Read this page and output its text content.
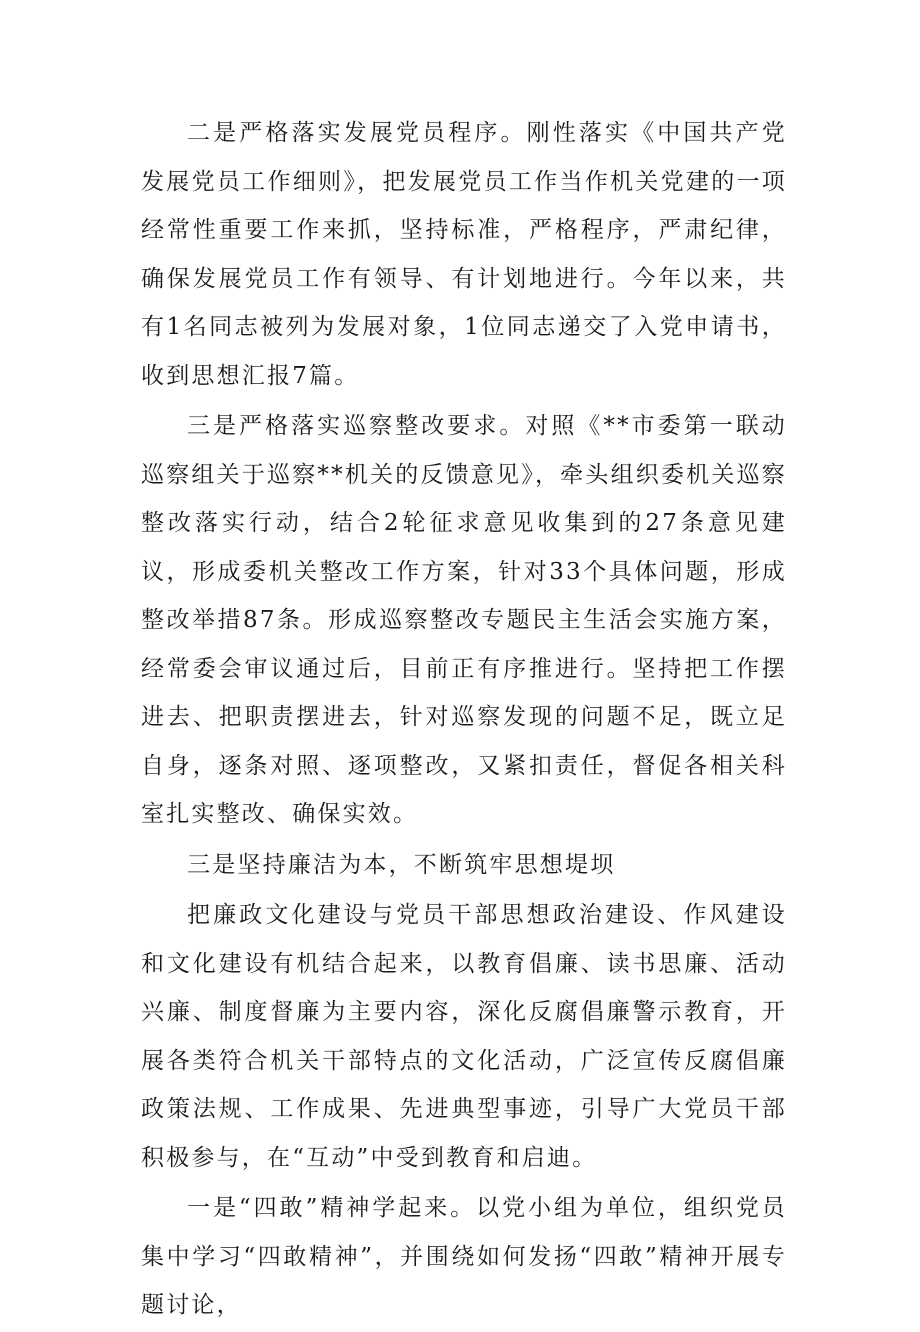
二是严格落实发展党员程序。刚性落实《中国共产党发展党员工作细则》，把发展党员工作当作机关党建的一项经常性重要工作来抓，坚持标准，严格程序，严肃纪律，确保发展党员工作有领导、有计划地进行。今年以来，共有1名同志被列为发展对象，1位同志递交了入党申请书，收到思想汇报7篇。

三是严格落实巡察整改要求。对照《**市委第一联动巡察组关于巡察**机关的反馈意见》，牵头组织委机关巡察整改落实行动，结合2轮征求意见收集到的27条意见建议，形成委机关整改工作方案，针对33个具体问题，形成整改举措87条。形成巡察整改专题民主生活会实施方案，经常委会审议通过后，目前正有序推进行。坚持把工作摆进去、把职责摆进去，针对巡察发现的问题不足，既立足自身，逐条对照、逐项整改，又紧扣责任，督促各相关科室扎实整改、确保实效。

三是坚持廉洁为本，不断筑牢思想堤坝

把廉政文化建设与党员干部思想政治建设、作风建设和文化建设有机结合起来，以教育倡廉、读书思廉、活动兴廉、制度督廉为主要内容，深化反腐倡廉警示教育，开展各类符合机关干部特点的文化活动，广泛宣传反腐倡廉政策法规、工作成果、先进典型事迹，引导广大党员干部积极参与，在“互动”中受到教育和启迪。

一是“四敢”精神学起来。以党小组为单位，组织党员集中学习“四敢精神”，并围绕如何发扬“四敢”精神开展专题讨论，
